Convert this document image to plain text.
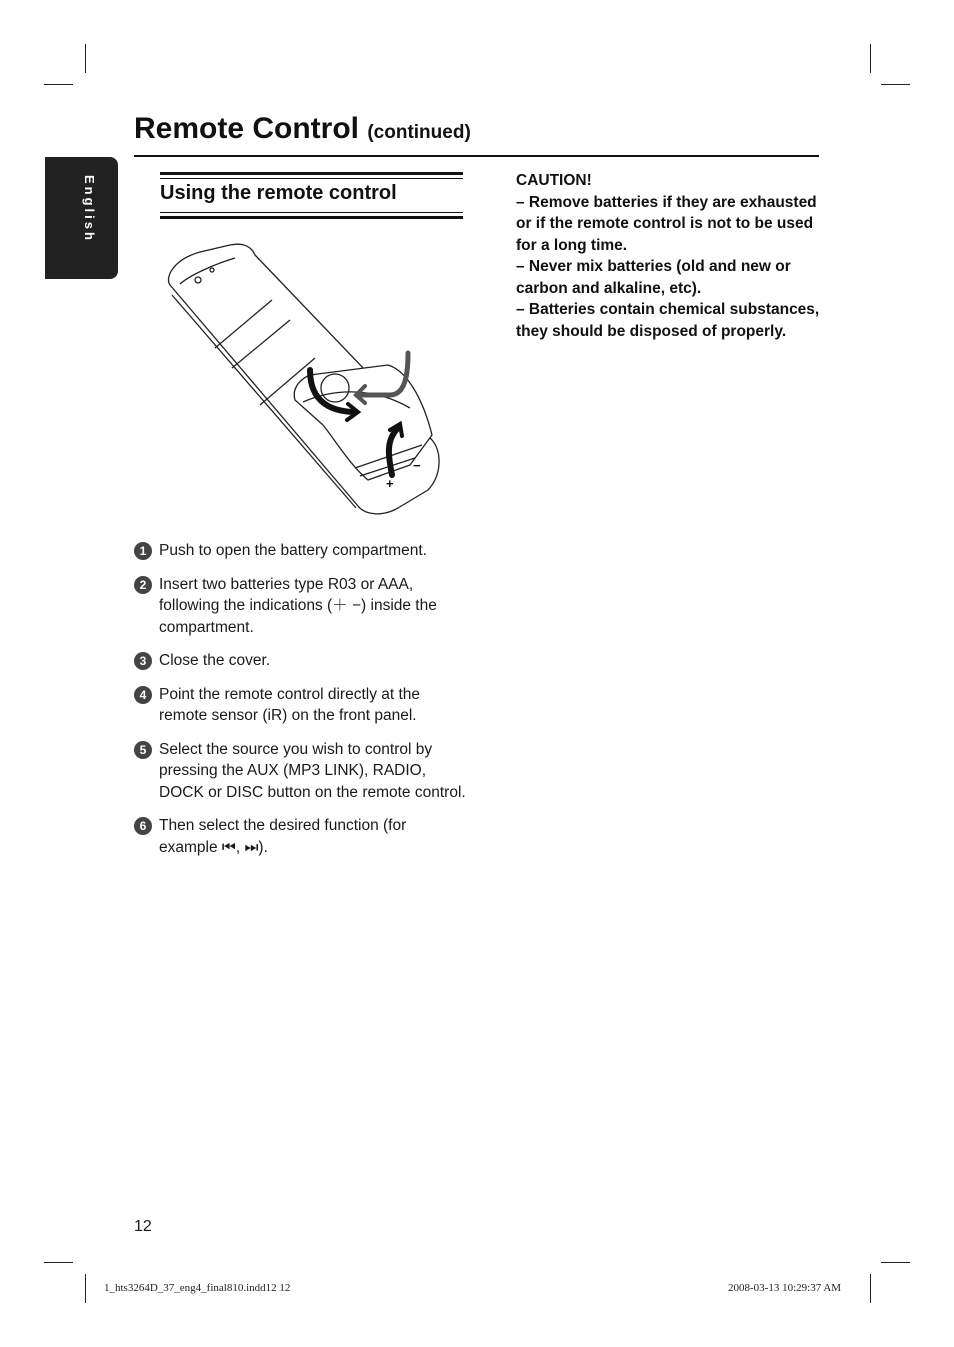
English
Remote Control (continued)
Using the remote control
+
−
1 Push to open the battery compartment.
2 Insert two batteries type R03 or AAA, following the indications (＋ −) inside the compartment.
3 Close the cover.
4 Point the remote control directly at the remote sensor (iR) on the front panel.
5 Select the source you wish to control by pressing the AUX (MP3 LINK), RADIO, DOCK or DISC button on the remote control.
6 Then select the desired function (for example ⏮, ⏭).
CAUTION!
– Remove batteries if they are exhausted or if the remote control is not to be used for a long time.
– Never mix batteries (old and new or carbon and alkaline, etc).
– Batteries contain chemical substances, they should be disposed of properly.
12
1_hts3264D_37_eng4_final810.indd12 12	2008-03-13 10:29:37 AM
